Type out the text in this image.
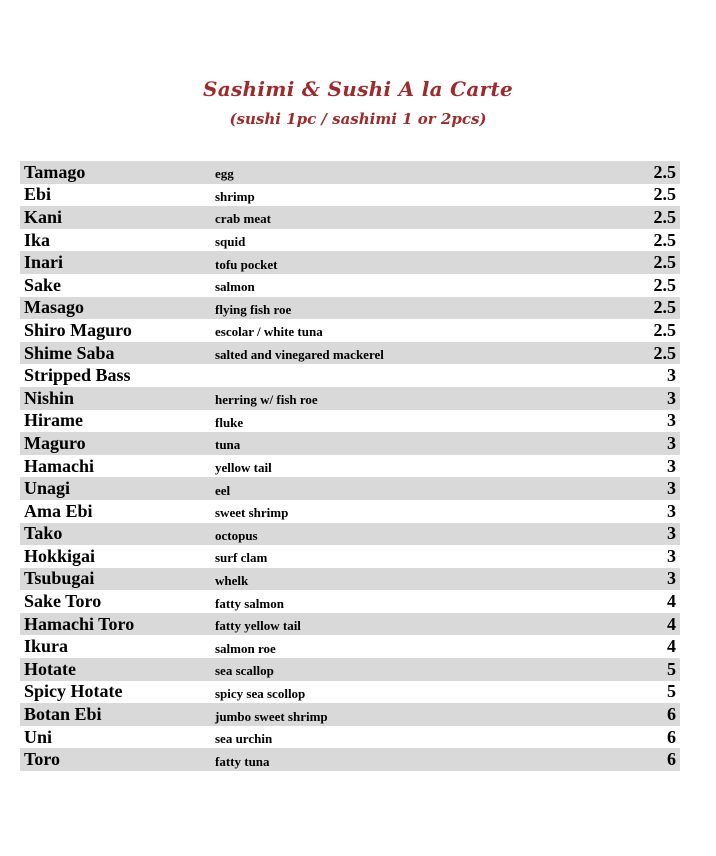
Sashimi & Sushi A la Carte
(sushi 1pc / sashimi 1 or 2pcs)
Tamago	egg	2.5
Ebi	shrimp	2.5
Kani	crab meat	2.5
Ika	squid	2.5
Inari	tofu pocket	2.5
Sake	salmon	2.5
Masago	flying fish roe	2.5
Shiro Maguro	escolar / white tuna	2.5
Shime Saba	salted and vinegared mackerel	2.5
Stripped Bass	3
Nishin	herring w/ fish roe	3
Hirame	fluke	3
Maguro	tuna	3
Hamachi	yellow tail	3
Unagi	eel	3
Ama Ebi	sweet shrimp	3
Tako	octopus	3
Hokkigai	surf clam	3
Tsubugai	whelk	3
Sake Toro	fatty salmon	4
Hamachi Toro	fatty yellow tail	4
Ikura	salmon roe	4
Hotate	sea scallop	5
Spicy Hotate	spicy sea scollop	5
Botan Ebi	jumbo sweet shrimp	6
Uni	sea urchin	6
Toro	fatty tuna	6
